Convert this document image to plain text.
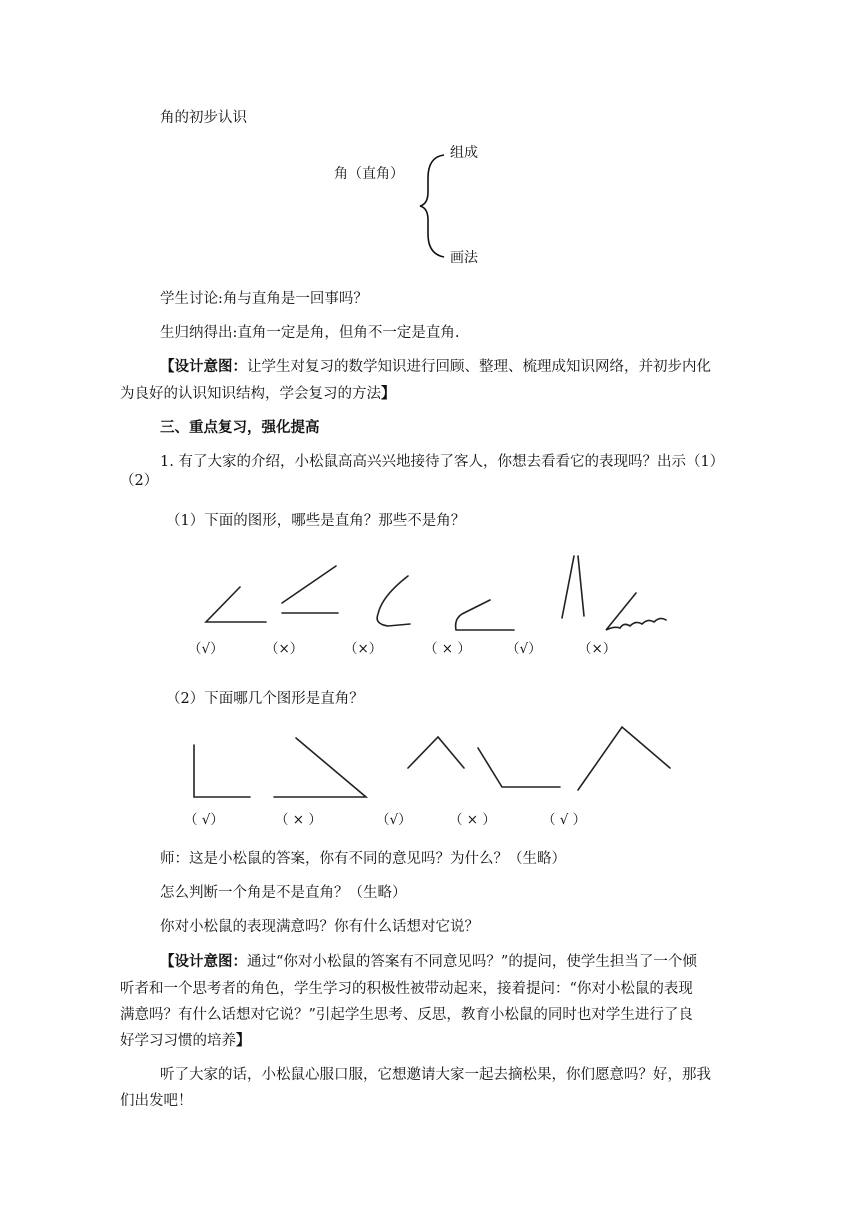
角的初步认识
角（直角）
组成
画法
学生讨论:角与直角是一回事吗？
生归纳得出:直角一定是角，但角不一定是直角.
【设计意图：让学生对复习的数学知识进行回顾、整理、梳理成知识网络，并初步内化
为良好的认识知识结构，学会复习的方法】
三、重点复习，强化提高
1. 有了大家的介绍，小松鼠高高兴兴地接待了客人，你想去看看它的表现吗？出示（1）
（2）
（1）下面的图形，哪些是直角？那些不是角？
（√）	（×）	（×）	（ × ）	（√）	（×）
（2）下面哪几个图形是直角？
（ √）	（ × ）	（√）	（ × ）	（ √ ）
师：这是小松鼠的答案，你有不同的意见吗？为什么？（生略）
怎么判断一个角是不是直角？（生略）
你对小松鼠的表现满意吗？你有什么话想对它说？
【设计意图：通过“你对小松鼠的答案有不同意见吗？”的提问，使学生担当了一个倾
听者和一个思考者的角色，学生学习的积极性被带动起来，接着提问：“你对小松鼠的表现
满意吗？有什么话想对它说？”引起学生思考、反思，教育小松鼠的同时也对学生进行了良
好学习习惯的培养】
听了大家的话，小松鼠心服口服，它想邀请大家一起去摘松果，你们愿意吗？好，那我
们出发吧！
